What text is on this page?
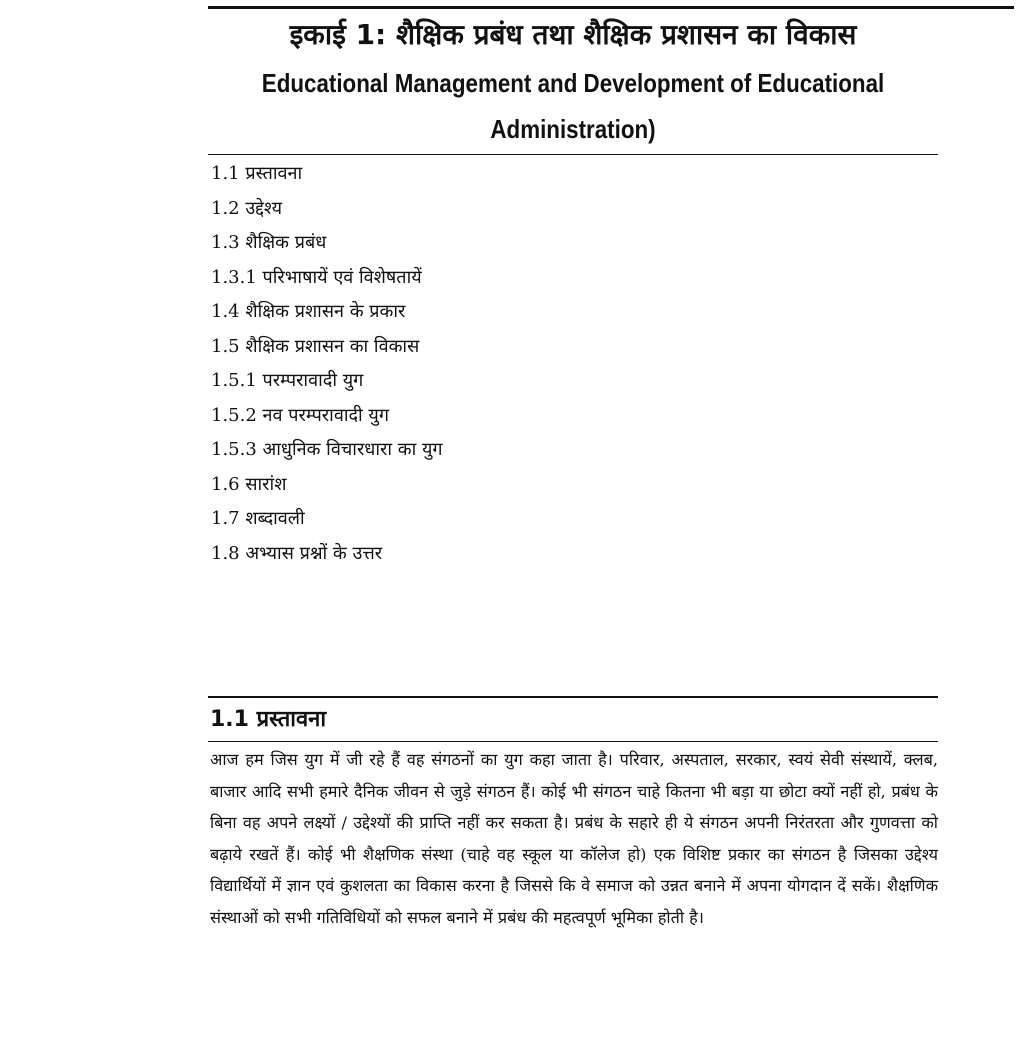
इकाई 1: शैक्षिक प्रबंध तथा शैक्षिक प्रशासन का विकास
Educational Management and Development of Educational Administration)
1.1 प्रस्तावना
1.2 उद्देश्य
1.3 शैक्षिक प्रबंध
1.3.1 परिभाषायें एवं विशेषतायें
1.4 शैक्षिक प्रशासन के प्रकार
1.5 शैक्षिक प्रशासन का विकास
1.5.1 परम्परावादी युग
1.5.2 नव परम्परावादी युग
1.5.3 आधुनिक विचारधारा का युग
1.6 सारांश
1.7 शब्दावली
1.8 अभ्यास प्रश्नों के उत्तर
1.1 प्रस्तावना

आज हम जिस युग में जी रहे हैं वह संगठनों का युग कहा जाता है। परिवार, अस्पताल, सरकार, स्वयं सेवी संस्थायें, क्लब, बाजार आदि सभी हमारे दैनिक जीवन से जुड़े संगठन हैं। कोई भी संगठन चाहे कितना भी बड़ा या छोटा क्यों नहीं हो, प्रबंध के बिना वह अपने लक्ष्यों / उद्देश्यों की प्राप्ति नहीं कर सकता है। प्रबंध के सहारे ही ये संगठन अपनी निरंतरता और गुणवत्ता को बढ़ाये रखतें हैं। कोई भी शैक्षणिक संस्था (चाहे वह स्कूल या कॉलेज हो) एक विशिष्ट प्रकार का संगठन है जिसका उद्देश्य विद्यार्थियों में ज्ञान एवं कुशलता का विकास करना है जिससे कि वे समाज को उन्नत बनाने में अपना योगदान दें सकें। शैक्षणिक संस्थाओं को सभी गतिविधियों को सफल बनाने में प्रबंध की महत्वपूर्ण भूमिका होती है।
